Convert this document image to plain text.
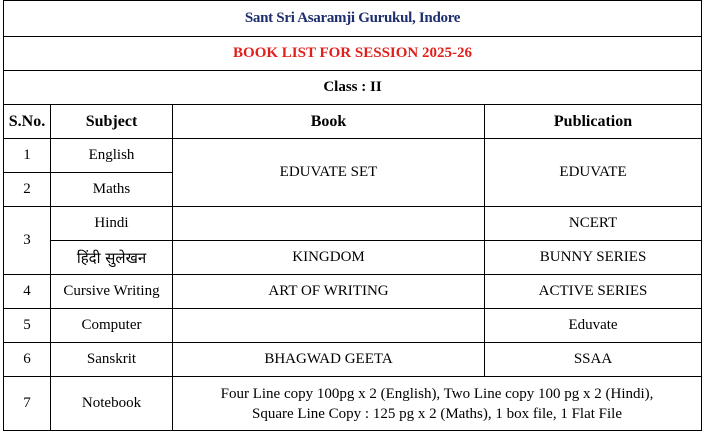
Sant Sri Asaramji Gurukul, Indore			
BOOK LIST FOR SESSION 2025-26			
Class : II			
S.No.	Subject	Book	Publication
1	English	EDUVATE SET	EDUVATE
2	Maths		
3	Hindi		NCERT
	हिंदी सुलेखन	KINGDOM	BUNNY SERIES
4	Cursive Writing	ART OF WRITING	ACTIVE SERIES
5	Computer		Eduvate
6	Sanskrit	BHAGWAD GEETA	SSAA
7	Notebook	Four Line copy 100pg x 2 (English), Two Line copy 100 pg x 2 (Hindi),
Square Line Copy : 125 pg x 2 (Maths), 1 box file, 1 Flat File	
